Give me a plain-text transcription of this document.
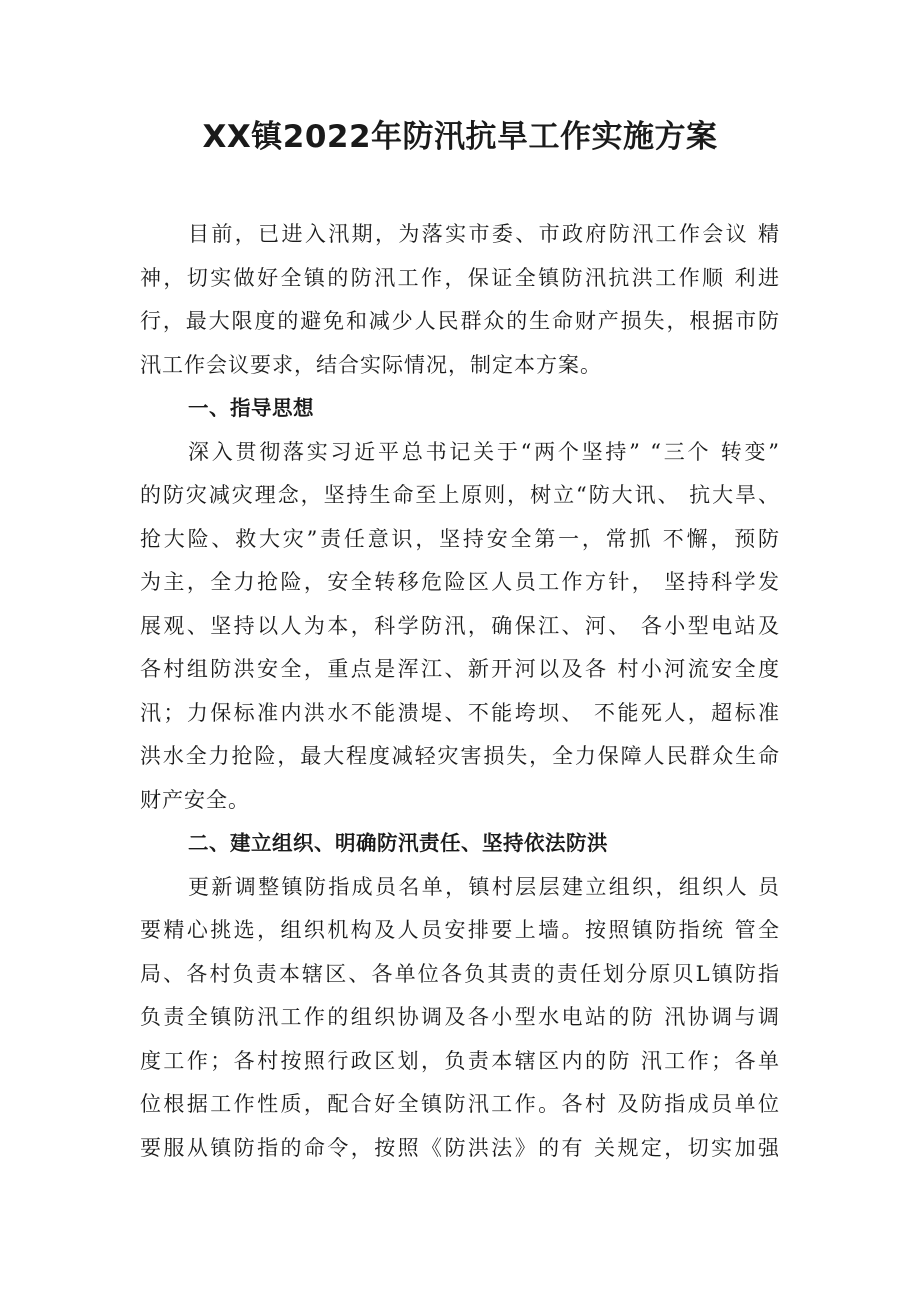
XX镇2022年防汛抗旱工作实施方案
目前，已进入汛期，为落实市委、市政府防汛工作会议 精
神，切实做好全镇的防汛工作，保证全镇防汛抗洪工作顺 利进
行，最大限度的避免和减少人民群众的生命财产损失，根据市防
汛工作会议要求，结合实际情况，制定本方案。
一、指导思想
深入贯彻落实习近平总书记关于“两个坚持” “三个 转变”
的防灾减灾理念，坚持生命至上原则，树立“防大讯、 抗大旱、
抢大险、救大灾”责任意识，坚持安全第一，常抓 不懈，预防
为主，全力抢险，安全转移危险区人员工作方针， 坚持科学发
展观、坚持以人为本，科学防汛，确保江、河、 各小型电站及
各村组防洪安全，重点是浑江、新开河以及各 村小河流安全度
汛；力保标准内洪水不能溃堤、不能垮坝、 不能死人，超标准
洪水全力抢险，最大程度减轻灾害损失，全力保障人民群众生命
财产安全。
二、建立组织、明确防汛责任、坚持依法防洪
更新调整镇防指成员名单，镇村层层建立组织，组织人 员
要精心挑选，组织机构及人员安排要上墙。按照镇防指统 管全
局、各村负责本辖区、各单位各负其责的责任划分原贝L镇防指
负责全镇防汛工作的组织协调及各小型水电站的防 汛协调与调
度工作；各村按照行政区划，负责本辖区内的防 汛工作；各单
位根据工作性质，配合好全镇防汛工作。各村 及防指成员单位
要服从镇防指的命令，按照《防洪法》的有 关规定，切实加强
